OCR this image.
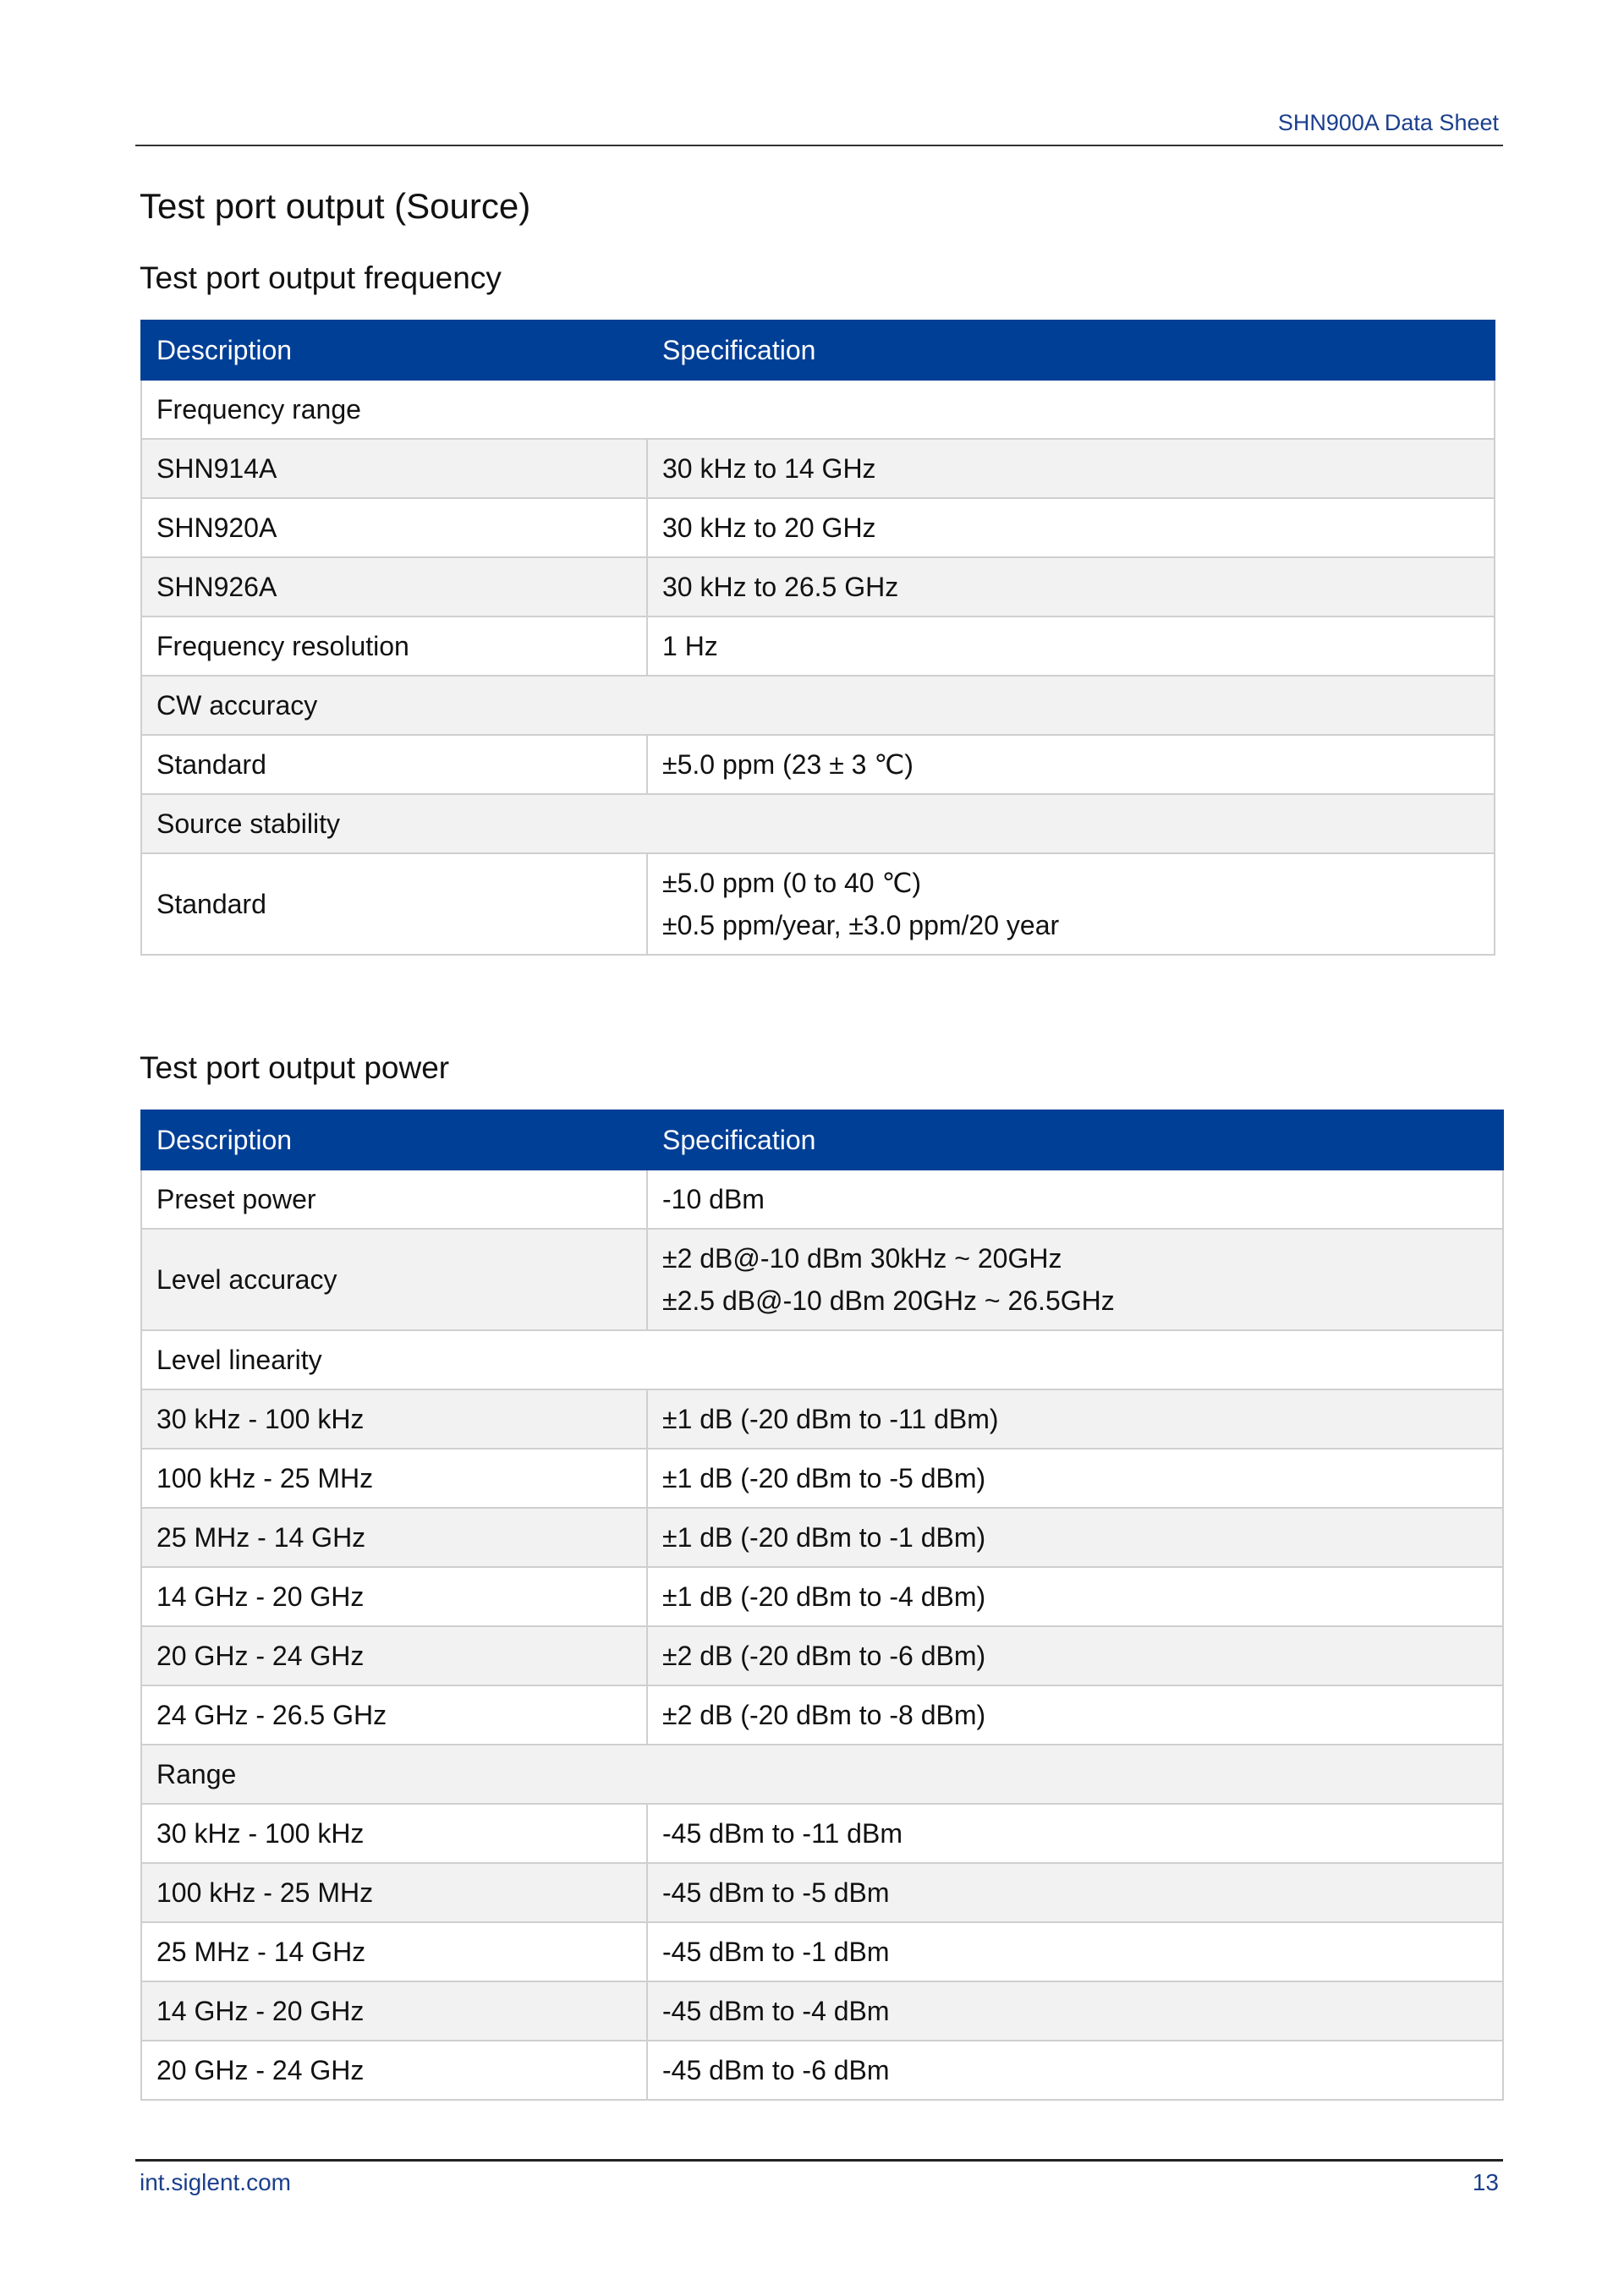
SHN900A Data Sheet
Test port output (Source)
Test port output frequency
Description	Specification
Frequency range	
SHN914A	30 kHz to 14 GHz
SHN920A	30 kHz to 20 GHz
SHN926A	30 kHz to 26.5 GHz
Frequency resolution	1 Hz
CW accuracy	
Standard	±5.0 ppm (23 ± 3 ℃)
Source stability	
Standard	±5.0 ppm (0 to 40 ℃)
±0.5 ppm/year, ±3.0 ppm/20 year
Test port output power
Description	Specification
Preset power	-10 dBm
Level accuracy	±2 dB@-10 dBm 30kHz ~ 20GHz
±2.5 dB@-10 dBm 20GHz ~ 26.5GHz

Level linearity	
30 kHz - 100 kHz	±1 dB (-20 dBm to -11 dBm)
100 kHz - 25 MHz	±1 dB (-20 dBm to -5 dBm)
25 MHz - 14 GHz	±1 dB (-20 dBm to -1 dBm)
14 GHz - 20 GHz	±1 dB (-20 dBm to -4 dBm)
20 GHz - 24 GHz	±2 dB (-20 dBm to -6 dBm)
24 GHz - 26.5 GHz	±2 dB (-20 dBm to -8 dBm)
Range	
30 kHz - 100 kHz	-45 dBm to -11 dBm
100 kHz - 25 MHz	-45 dBm to -5 dBm
25 MHz - 14 GHz	-45 dBm to -1 dBm
14 GHz - 20 GHz	-45 dBm to -4 dBm
20 GHz - 24 GHz	-45 dBm to -6 dBm
int.siglent.com	13
